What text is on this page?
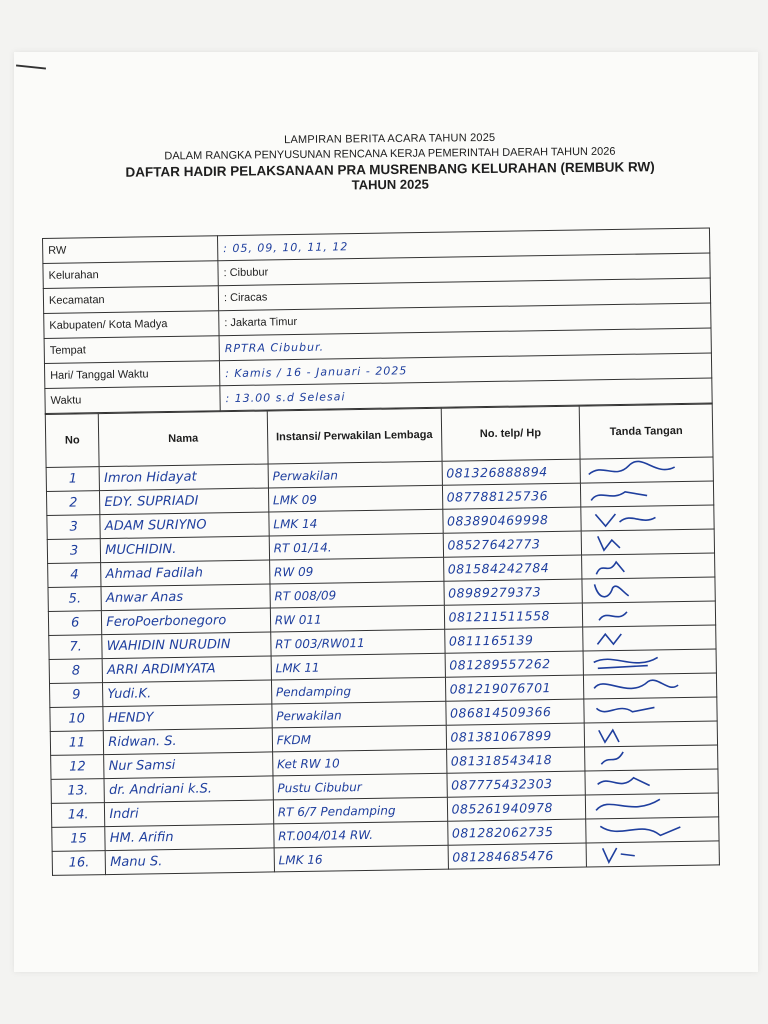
LAMPIRAN BERITA ACARA TAHUN 2025
DALAM RANGKA PENYUSUNAN RENCANA KERJA PEMERINTAH DAERAH TAHUN 2026
DAFTAR HADIR PELAKSANAAN PRA MUSRENBANG KELURAHAN (REMBUK RW)
TAHUN 2025
RW	: 05, 09, 10, 11, 12
Kelurahan	: Cibubur
Kecamatan	: Ciracas
Kabupaten/ Kota Madya	: Jakarta Timur
Tempat	RPTRA Cibubur.
Hari/ Tanggal Waktu	: Kamis / 16 - Januari - 2025
Waktu	: 13.00 s.d Selesai
No	Nama	Instansi/ Perwakilan Lembaga	No. telp/ Hp	Tanda Tangan
1	Imron Hidayat	Perwakilan	081326888894	

2	EDY. SUPRIADI	LMK 09	087788125736	

3	ADAM SURIYNO	LMK 14	083890469998	

3	MUCHIDIN.	RT 01/14.	08527642773	

4	Ahmad Fadilah	RW 09	081584242784	

5.	Anwar Anas	RT 008/09	08989279373	

6	FeroPoerbonegoro	RW 011	081211511558	

7.	WAHIDIN NURUDIN	RT 003/RW011	0811165139	

8	ARRI ARDIMYATA	LMK 11	081289557262	

9	Yudi.K.	Pendamping	081219076701	

10	HENDY	Perwakilan	086814509366	

11	Ridwan. S.	FKDM	081381067899	

12	Nur Samsi	Ket RW 10	081318543418	

13.	dr. Andriani k.S.	Pustu Cibubur	087775432303	

14.	Indri	RT 6/7 Pendamping	085261940978	

15	HM. Arifin	RT.004/014 RW.	081282062735	

16.	Manu S.	LMK 16	081284685476	
